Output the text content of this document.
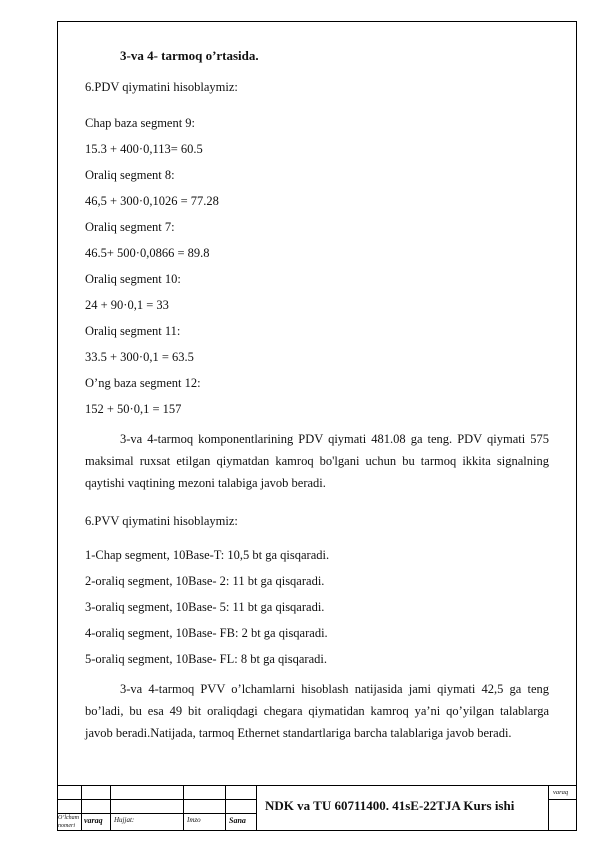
3-va 4- tarmoq o’rtasida.
6.PDV qiymatini hisoblaymiz:
Chap baza segment 9:
15.3 + 400·0,113= 60.5
Oraliq segment 8:
46,5 + 300·0,1026 = 77.28
Oraliq segment 7:
46.5+ 500·0,0866 = 89.8
Oraliq segment 10:
24 + 90·0,1 = 33
Oraliq segment 11:
33.5 + 300·0,1 = 63.5
O’ng baza segment 12:
152 + 50·0,1 = 157
3-va 4-tarmoq komponentlarining PDV qiymati 481.08 ga teng. PDV qiymati 575 maksimal ruxsat etilgan qiymatdan kamroq bo'lgani uchun bu tarmoq ikkita signalning qaytishi vaqtining mezoni talabiga javob beradi.
6.PVV qiymatini hisoblaymiz:
1-Chap segment, 10Base-T: 10,5 bt ga qisqaradi.
2-oraliq segment, 10Base- 2: 11 bt ga qisqaradi.
3-oraliq segment, 10Base- 5: 11 bt ga qisqaradi.
4-oraliq segment, 10Base- FB: 2 bt ga qisqaradi.
5-oraliq segment, 10Base- FL: 8 bt ga qisqaradi.
3-va 4-tarmoq PVV o’lchamlarni hisoblash natijasida jami qiymati 42,5 ga teng bo’ladi, bu esa 49 bit oraliqdagi chegara qiymatidan kamroq ya’ni qo’yilgan talablarga javob beradi.Natijada, tarmoq Ethernet standartlariga barcha talablariga javob beradi.
varaq
O’lcham
nomeri
varaq Hujjat:	Imzo	Sana
NDK va TU 60711400. 41sE-22TJA Kurs ishi
